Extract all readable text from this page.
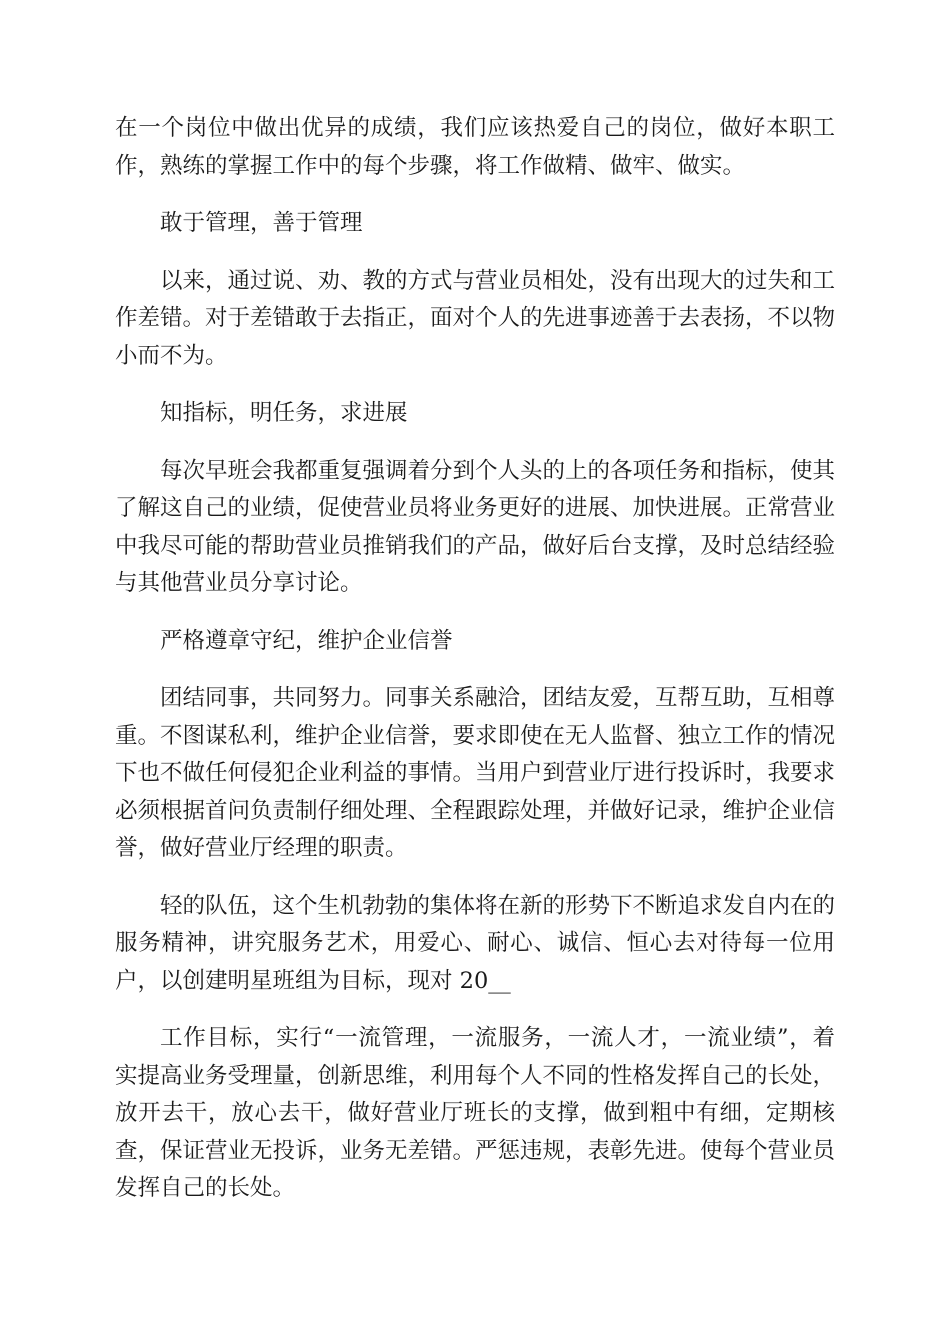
在一个岗位中做出优异的成绩，我们应该热爱自己的岗位，做好本职工作，熟练的掌握工作中的每个步骤，将工作做精、做牢、做实。

敢于管理，善于管理

以来，通过说、劝、教的方式与营业员相处，没有出现大的过失和工作差错。对于差错敢于去指正，面对个人的先进事迹善于去表扬，不以物小而不为。

知指标，明任务，求进展

每次早班会我都重复强调着分到个人头的上的各项任务和指标，使其了解这自己的业绩，促使营业员将业务更好的进展、加快进展。正常营业中我尽可能的帮助营业员推销我们的产品，做好后台支撑，及时总结经验与其他营业员分享讨论。

严格遵章守纪，维护企业信誉

团结同事，共同努力。同事关系融洽，团结友爱，互帮互助，互相尊重。不图谋私利，维护企业信誉，要求即使在无人监督、独立工作的情况下也不做任何侵犯企业利益的事情。当用户到营业厅进行投诉时，我要求必须根据首问负责制仔细处理、全程跟踪处理，并做好记录，维护企业信誉，做好营业厅经理的职责。

轻的队伍，这个生机勃勃的集体将在新的形势下不断追求发自内在的服务精神，讲究服务艺术，用爱心、耐心、诚信、恒心去对待每一位用户，以创建明星班组为目标，现对 20__

工作目标，实行“一流管理，一流服务，一流人才，一流业绩”，着实提高业务受理量，创新思维，利用每个人不同的性格发挥自己的长处，放开去干，放心去干，做好营业厅班长的支撑，做到粗中有细，定期核查，保证营业无投诉，业务无差错。严惩违规，表彰先进。使每个营业员发挥自己的长处。
